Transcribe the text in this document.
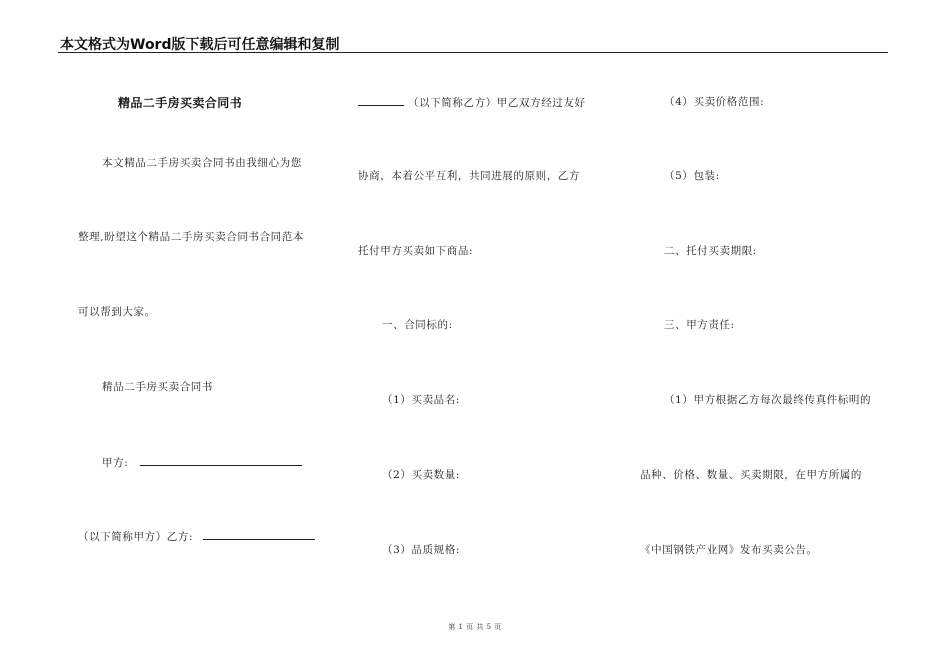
本文格式为Word版下载后可任意编辑和复制
精品二手房买卖合同书
本文精品二手房买卖合同书由我细心为您
整理,盼望这个精品二手房买卖合同书合同范本
可以帮到大家。
精品二手房买卖合同书
甲方:
（以下简称甲方）乙方:
（以下简称乙方）甲乙双方经过友好
协商，本着公平互利，共同进展的原则，乙方
托付甲方买卖如下商品:
一、合同标的:
（1）买卖品名:
（2）买卖数量:
（3）品质规格:
（4）买卖价格范围:
（5）包装:
二、托付买卖期限:
三、甲方责任:
（1）甲方根据乙方每次最终传真件标明的
品种、价格、数量、买卖期限，在甲方所属的
《中国钢铁产业网》发布买卖公告。
第 1 页 共 5 页
